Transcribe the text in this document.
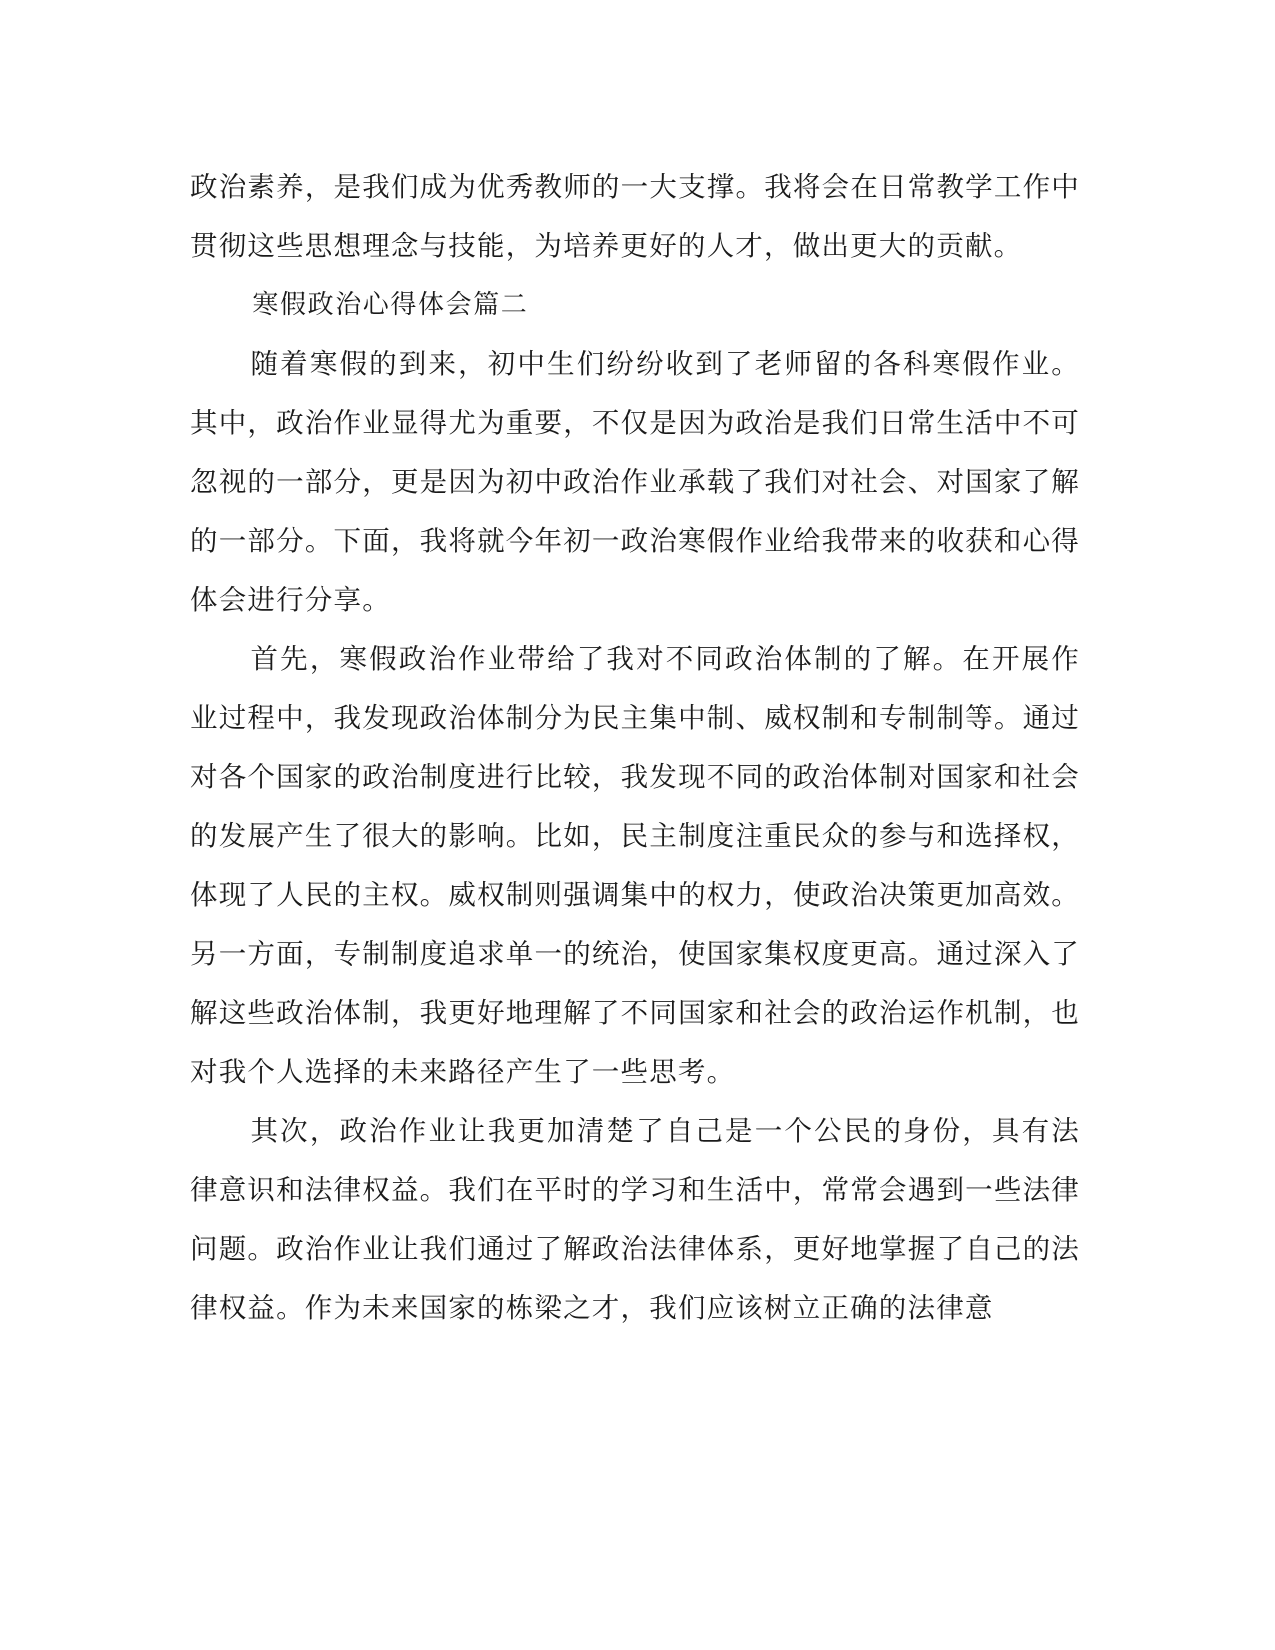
政治素养，是我们成为优秀教师的一大支撑。我将会在日常教学工作中贯彻这些思想理念与技能，为培养更好的人才，做出更大的贡献。

寒假政治心得体会篇二

随着寒假的到来，初中生们纷纷收到了老师留的各科寒假作业。其中，政治作业显得尤为重要，不仅是因为政治是我们日常生活中不可忽视的一部分，更是因为初中政治作业承载了我们对社会、对国家了解的一部分。下面，我将就今年初一政治寒假作业给我带来的收获和心得体会进行分享。

首先，寒假政治作业带给了我对不同政治体制的了解。在开展作业过程中，我发现政治体制分为民主集中制、威权制和专制制等。通过对各个国家的政治制度进行比较，我发现不同的政治体制对国家和社会的发展产生了很大的影响。比如，民主制度注重民众的参与和选择权，体现了人民的主权。威权制则强调集中的权力，使政治决策更加高效。另一方面，专制制度追求单一的统治，使国家集权度更高。通过深入了解这些政治体制，我更好地理解了不同国家和社会的政治运作机制，也对我个人选择的未来路径产生了一些思考。

其次，政治作业让我更加清楚了自己是一个公民的身份，具有法律意识和法律权益。我们在平时的学习和生活中，常常会遇到一些法律问题。政治作业让我们通过了解政治法律体系，更好地掌握了自己的法律权益。作为未来国家的栋梁之才，我们应该树立正确的法律意
